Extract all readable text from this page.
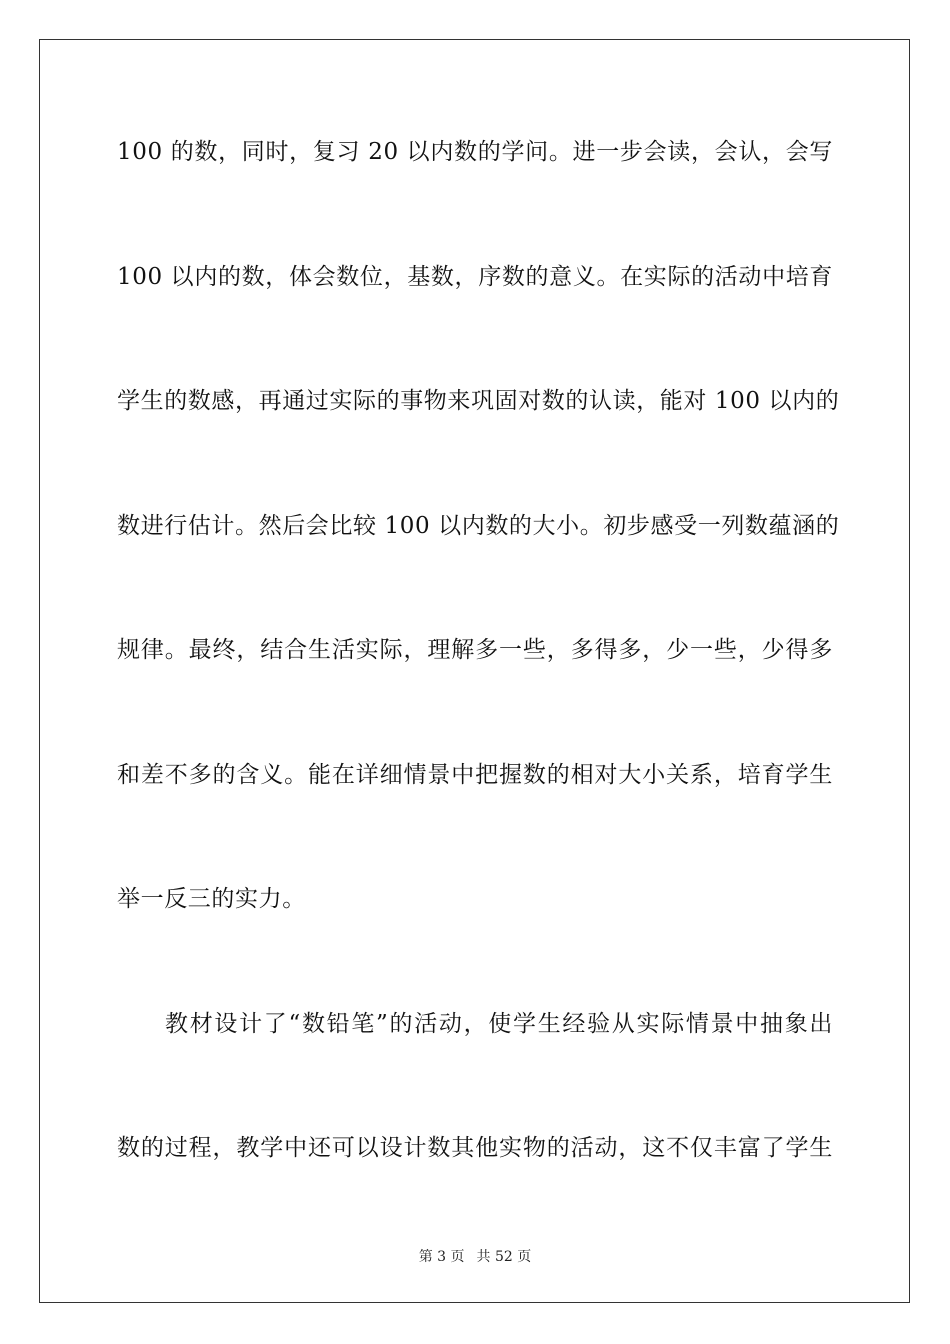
100 的数，同时，复习 20 以内数的学问。进一步会读，会认，会写
100 以内的数，体会数位，基数，序数的意义。在实际的活动中培育
学生的数感，再通过实际的事物来巩固对数的认读，能对 100 以内的
数进行估计。然后会比较 100 以内数的大小。初步感受一列数蕴涵的
规律。最终，结合生活实际，理解多一些，多得多，少一些，少得多
和差不多的含义。能在详细情景中把握数的相对大小关系，培育学生
举一反三的实力。
教材设计了“数铅笔”的活动，使学生经验从实际情景中抽象出
数的过程，教学中还可以设计数其他实物的活动，这不仅丰富了学生
第 3 页 共 52 页
